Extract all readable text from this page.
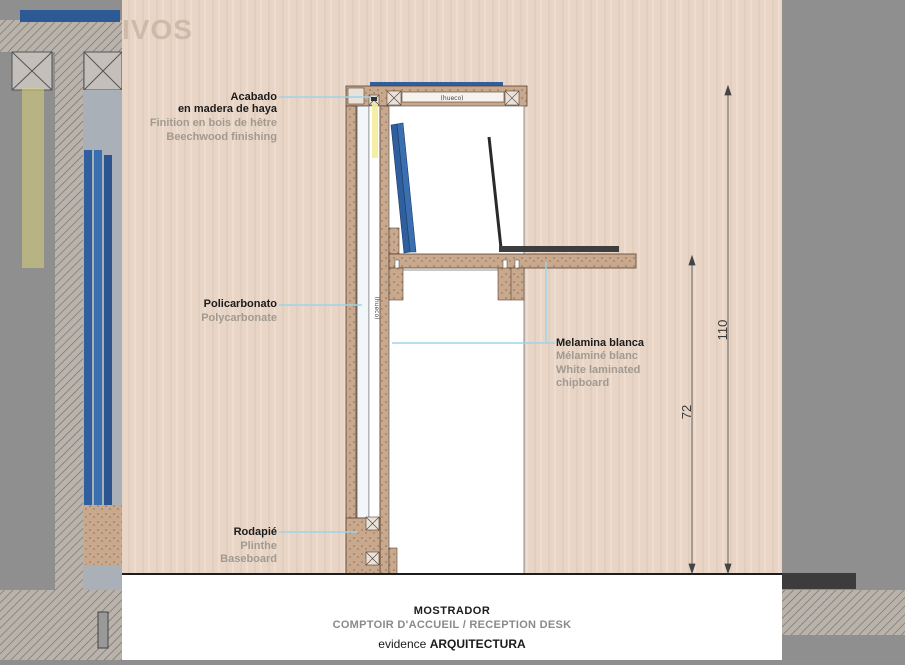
(hueco)
(hueco)
Acabado
en madera de haya
Finition en bois de hêtre
Beechwood finishing
Policarbonato
Polycarbonate
Melamina blanca
Mélaminé blanc
White laminated
chipboard
Rodapié
Plinthe
Baseboard
110
72
IVOS
MOSTRADOR
COMPTOIR D'ACCUEIL / RECEPTION DESK
evidence ARQUITECTURA
